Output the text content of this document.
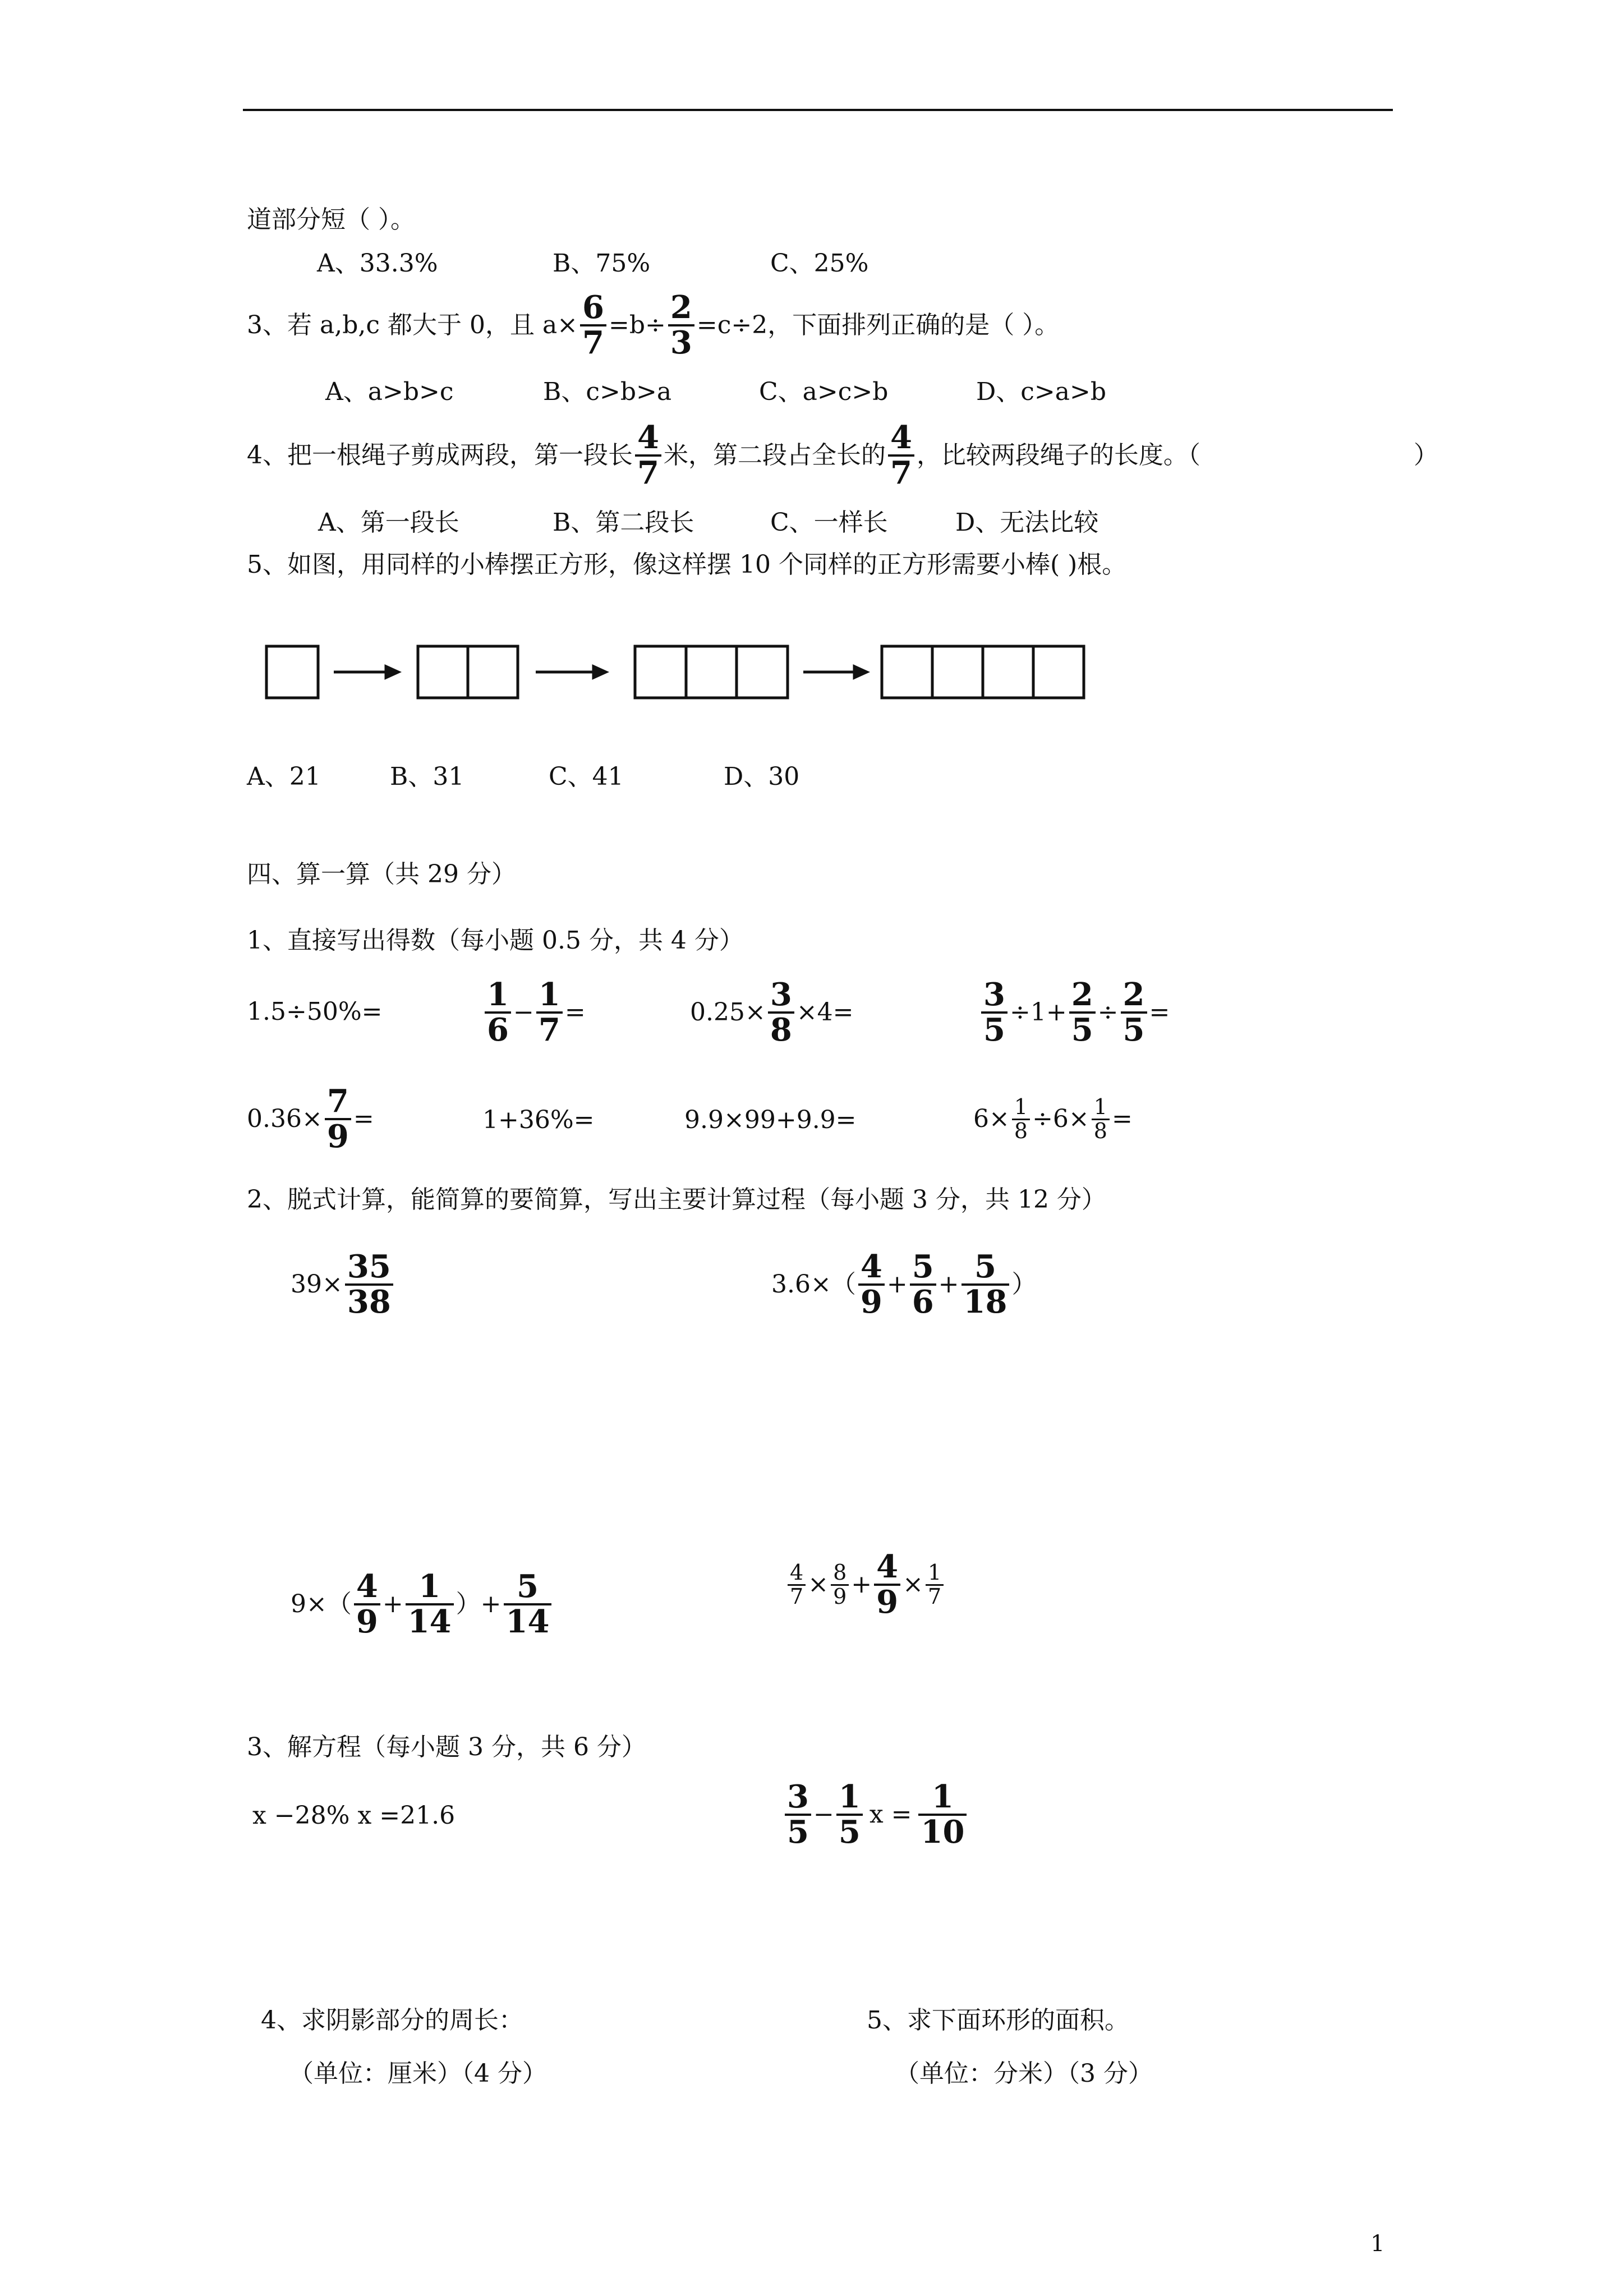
道部分短（ ）。
A、33.3%	B、75%	C、25%
3、若 a,b,c 都大于 0，且 $a\times \frac{6}{7} =b\div \frac{2}{3} =c\div 2$，下面排列正确的是（ ）。
A、a>b>c	B、c>b>a	C、a>c>b	D、c>a>b
4、把一根绳子剪成两段，第一段长 $\frac{4}{7}$ 米，第二段占全长的 $\frac{4}{7}$ ，比较两段绳子的长度。（	）
A、第一段长	B、第二段长	C、一样长	D、无法比较
5、如图，用同样的小棒摆正方形，像这样摆 10 个同样的正方形需要小棒( )根。
A、21	B、31	C、41	D、30
四、算一算（共 29 分）
1、直接写出得数（每小题 0.5 分，共 4 分）
1.5÷50%=	$\frac{1}{6} - \frac{1}{7}$ =	$0.25\times \frac{3}{8} \times 4=$	$\frac{3}{5} \div 1+ \frac{2}{5} \div \frac{2}{5}$ =
$0.36\times \frac{7}{9}$ =	1+36%=	9.9×99+9.9=	$6\times \frac{1}{8} \div 6\times \frac{1}{8}$ =
2、脱式计算，能简算的要简算，写出主要计算过程（每小题 3 分，共 12 分）
$39\times \frac{35}{38}$	$3.6\times( \frac{4}{9} + \frac{5}{6} + \frac{5}{18}$ ）
$9\times( \frac{4}{9} + \frac{1}{14}$ ）+ $\frac{5}{14}$	$\frac{4}{7} \times \frac{8}{9} + \frac{4}{9} \times \frac{1}{7}$
3、解方程（每小题 3 分，共 6 分）
x −28% x =21.6	$\frac{3}{5} - \frac{1}{5}$ $x = \frac{1}{10}$
4、求阴影部分的周长：
（单位：厘米）（4 分）
5、求下面环形的面积。
（单位：分米）（3 分）
1
